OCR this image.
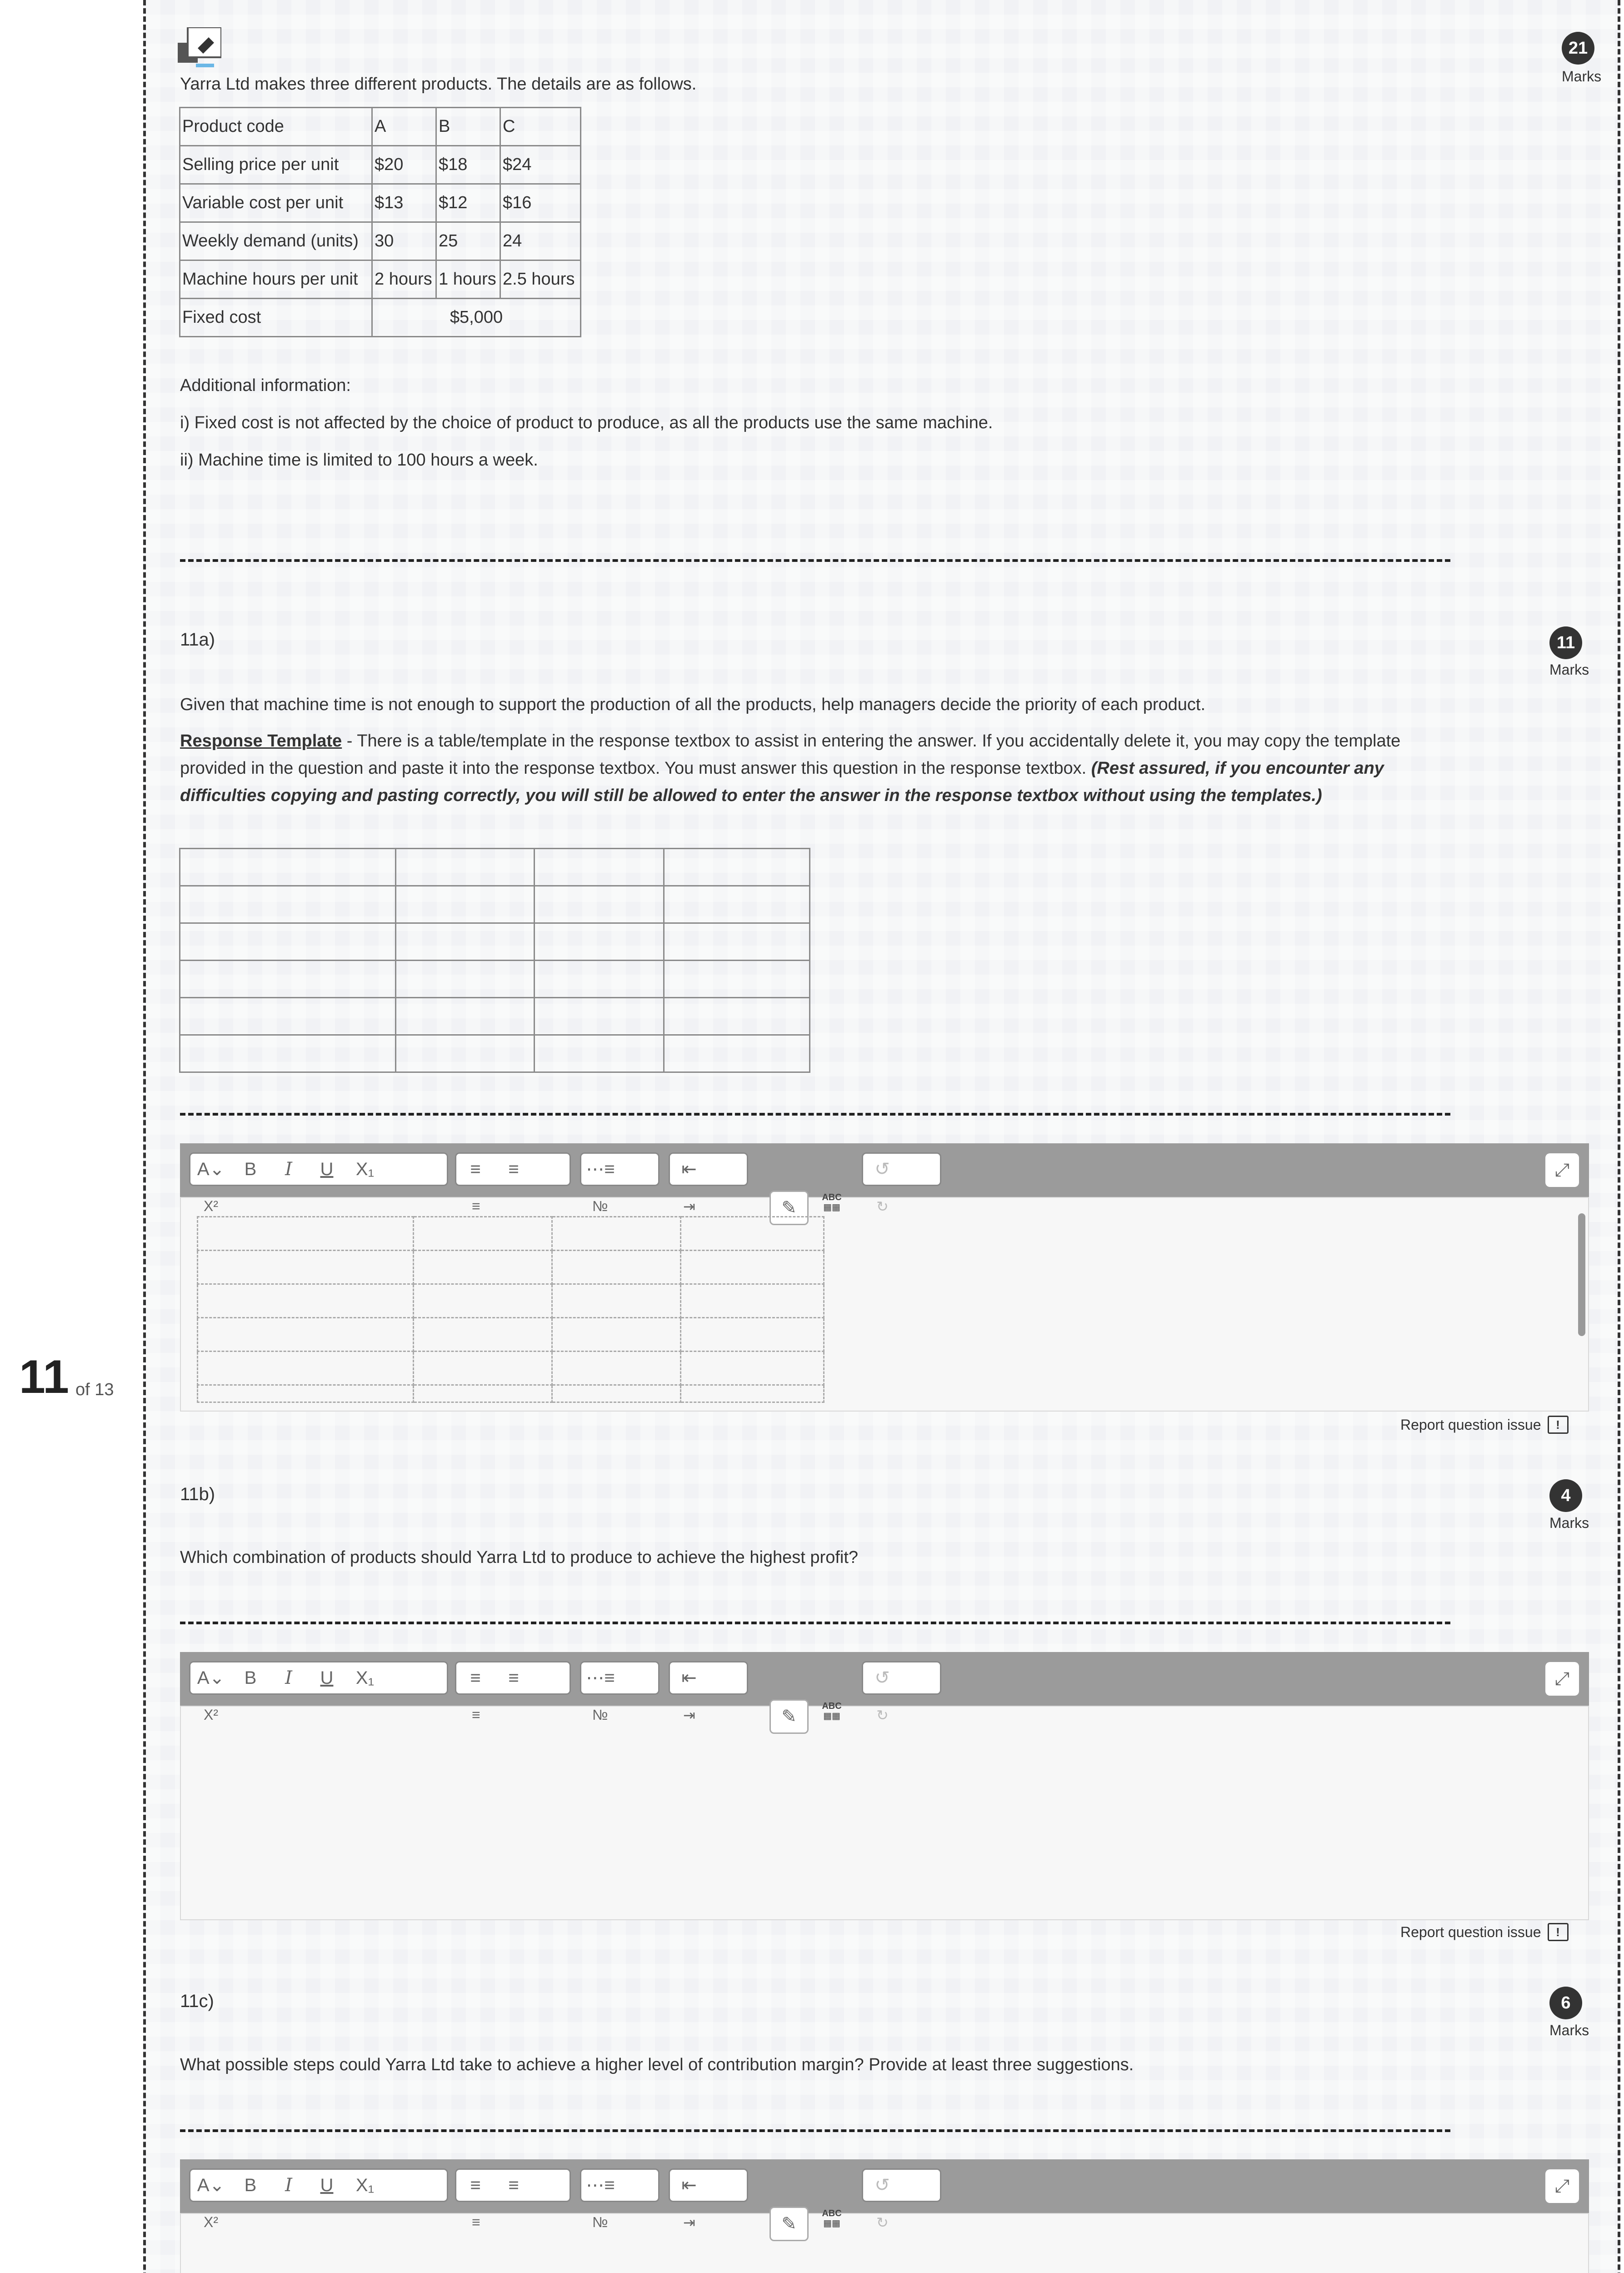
11 of 13
21
Marks
Yarra Ltd makes three different products. The details are as follows.
Product code	A	B	C
Selling price per unit	$20	$18	$24
Variable cost per unit	$13	$12	$16
Weekly demand (units)	30	25	24
Machine hours per unit	2 hours	1 hours	2.5 hours
Fixed cost	$5,000		
Additional information:
i) Fixed cost is not affected by the choice of product to produce, as all the products use the same machine.
ii) Machine time is limited to 100 hours a week.
11a)	11
Marks
Given that machine time is not enough to support the production of all the products, help managers decide the priority of each product.
Response Template - There is a table/template in the response textbox to assist in entering the answer. If you accidentally delete it, you may copy the template provided in the question and paste it into the response textbox. You must answer this question in the response textbox. (Rest assured, if you encounter any difficulties copying and pasting correctly, you will still be allowed to enter the answer in the response textbox without using the templates.)

A ⌄	B	I	U	X₁	≡	≡	⋯≡	⇤	↺	⤢
X²	≡	№	⇥	↻
✎
ABC
▦▦

Report question issue	!
11b)	4
Marks
Which combination of products should Yarra Ltd to produce to achieve the highest profit?
A ⌄	B	I	U	X₁	≡	≡	⋯≡	⇤	↺	⤢
X²	≡	№	⇥	↻
✎
ABC
▦▦
Report question issue	!
11c)	6
Marks
What possible steps could Yarra Ltd take to achieve a higher level of contribution margin? Provide at least three suggestions.
A ⌄	B	I	U	X₁	≡	≡	⋯≡	⇤	↺	⤢
X²	≡	№	⇥	↻
✎
ABC
▦▦
